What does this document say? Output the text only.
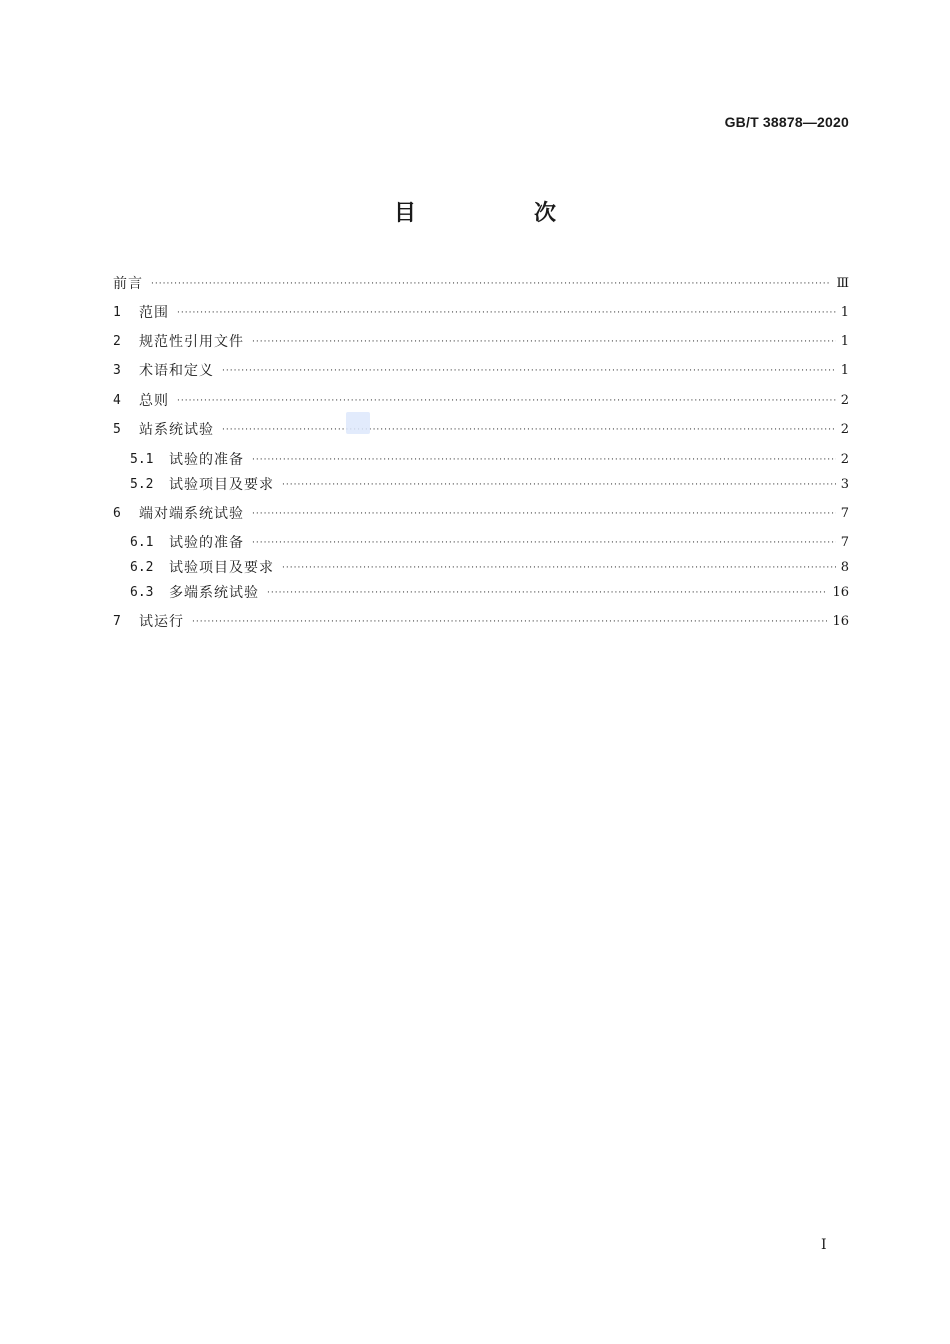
GB/T 38878—2020
目　次
前言 ·····	Ⅲ
1	范围 ·····	1
2	规范性引用文件 ·····	1
3	术语和定义 ·····	1
4	总则 ·····	2
5	站系统试验 ·····	2
5.1	试验的准备 ·····	2
5.2	试验项目及要求 ·····	3
6	端对端系统试验 ·····	7
6.1	试验的准备 ·····	7
6.2	试验项目及要求 ·····	8
6.3	多端系统试验 ·····	16
7	试运行 ·····	16
I
